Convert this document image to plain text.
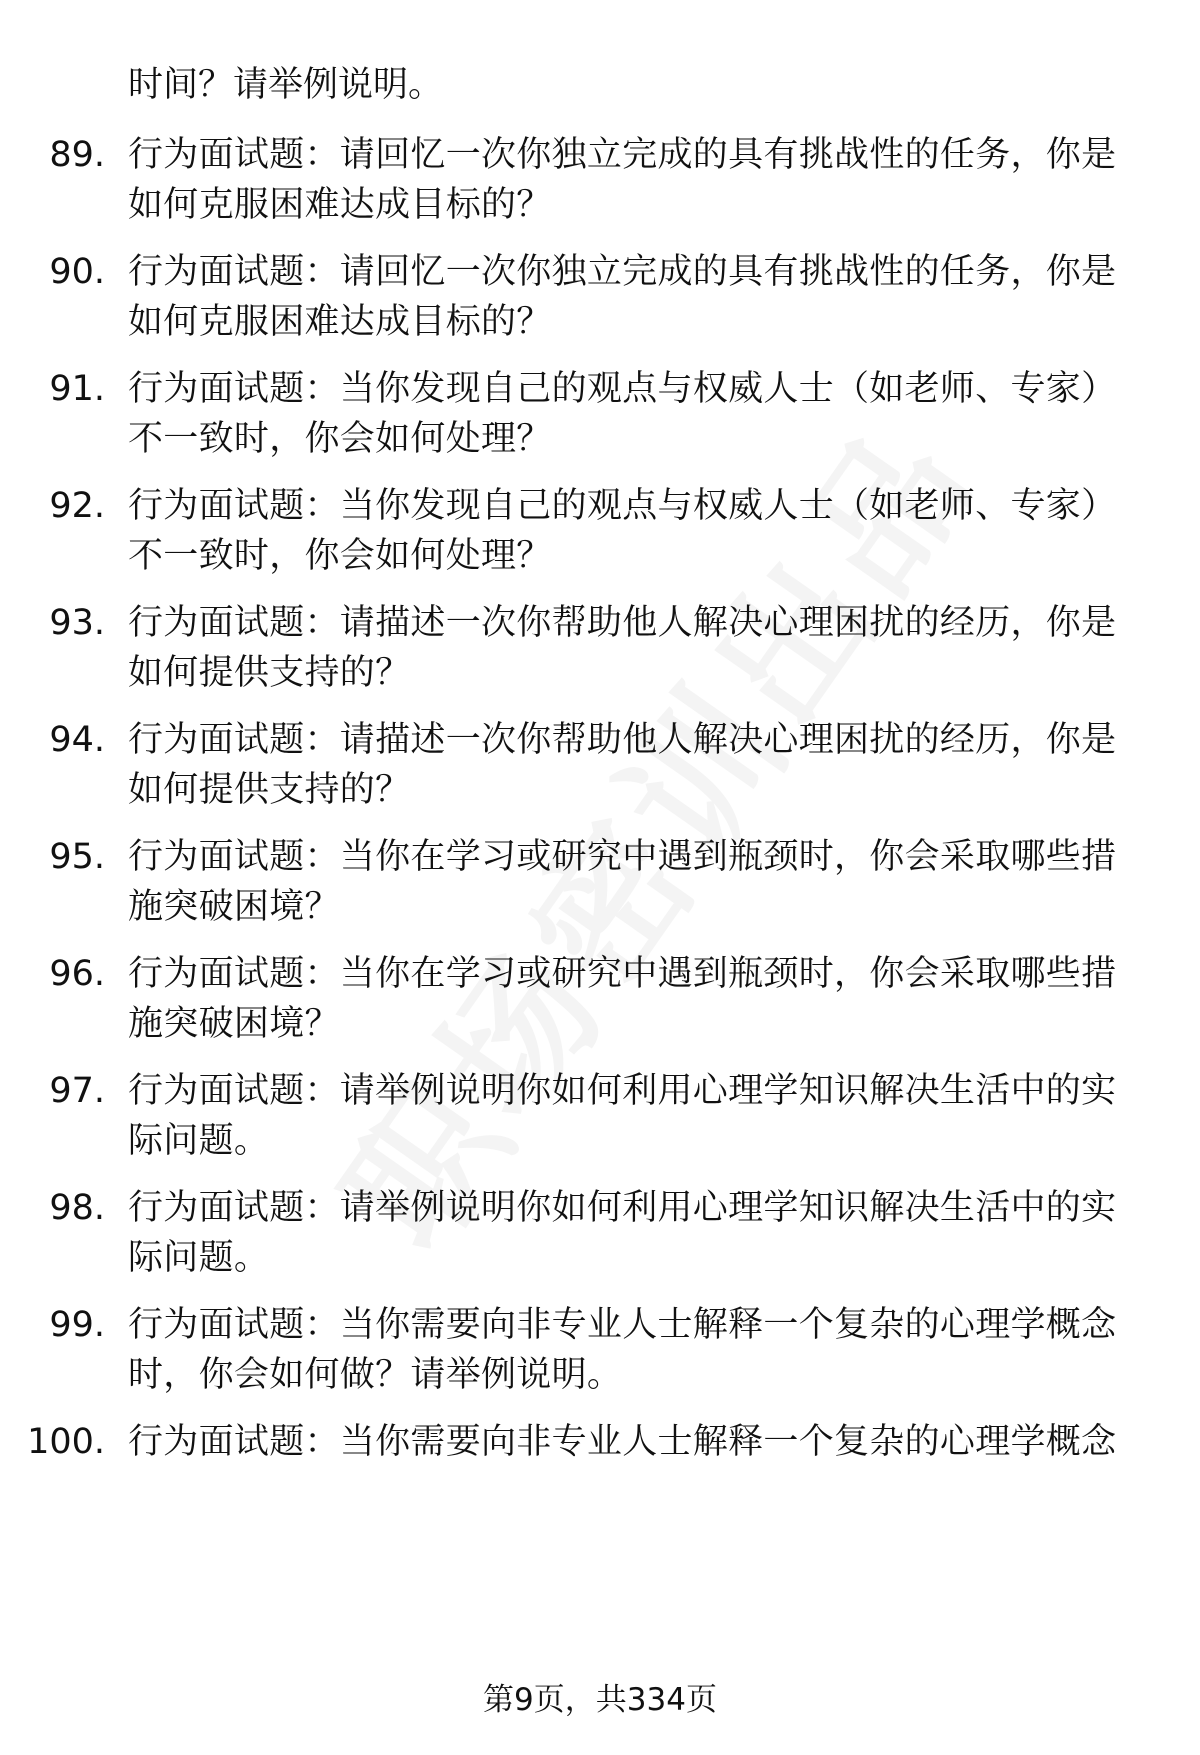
时间？请举例说明。

89. 行为面试题：请回忆一次你独立完成的具有挑战性的任务，你是如何克服困难达成目标的？

90. 行为面试题：请回忆一次你独立完成的具有挑战性的任务，你是如何克服困难达成目标的？

91. 行为面试题：当你发现自己的观点与权威人士（如老师、专家）不一致时，你会如何处理？

92. 行为面试题：当你发现自己的观点与权威人士（如老师、专家）不一致时，你会如何处理？

93. 行为面试题：请描述一次你帮助他人解决心理困扰的经历，你是如何提供支持的？

94. 行为面试题：请描述一次你帮助他人解决心理困扰的经历，你是如何提供支持的？

95. 行为面试题：当你在学习或研究中遇到瓶颈时，你会采取哪些措施突破困境？

96. 行为面试题：当你在学习或研究中遇到瓶颈时，你会采取哪些措施突破困境？

97. 行为面试题：请举例说明你如何利用心理学知识解决生活中的实际问题。

98. 行为面试题：请举例说明你如何利用心理学知识解决生活中的实际问题。

99. 行为面试题：当你需要向非专业人士解释一个复杂的心理学概念时，你会如何做？请举例说明。

100. 行为面试题：当你需要向非专业人士解释一个复杂的心理学概念

第9页，共334页
